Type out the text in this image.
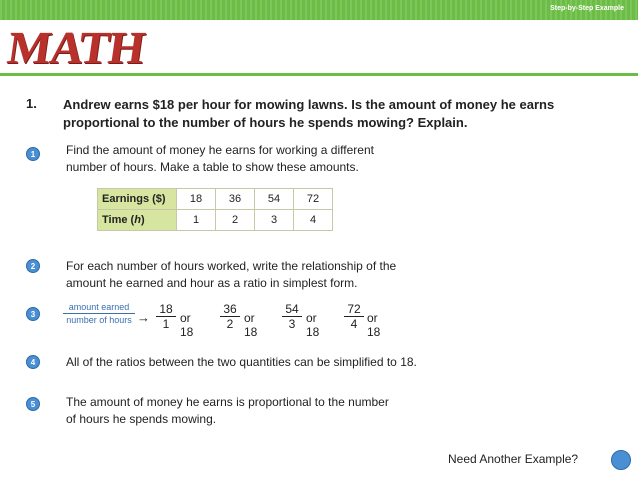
Step-by-Step Example
MATH
1. Andrew earns $18 per hour for mowing lawns. Is the amount of money he earns proportional to the number of hours he spends mowing? Explain.
1	Find the amount of money he earns for working a different
number of hours. Make a table to show these amounts.
Earnings ($)	18	36	54	72
Time (h)	1	2	3	4
2	For each number of hours worked, write the relationship of the
amount he earned and hour as a ratio in simplest form.
3
amount earned
number of hours → $\frac{18}{1}$ or 18
$\frac{36}{2}$ or 18
$\frac{54}{3}$ or 18
$\frac{72}{4}$ or 18
4	All of the ratios between the two quantities can be simplified to 18.
5	The amount of money he earns is proportional to the number
of hours he spends mowing.
Need Another Example?
